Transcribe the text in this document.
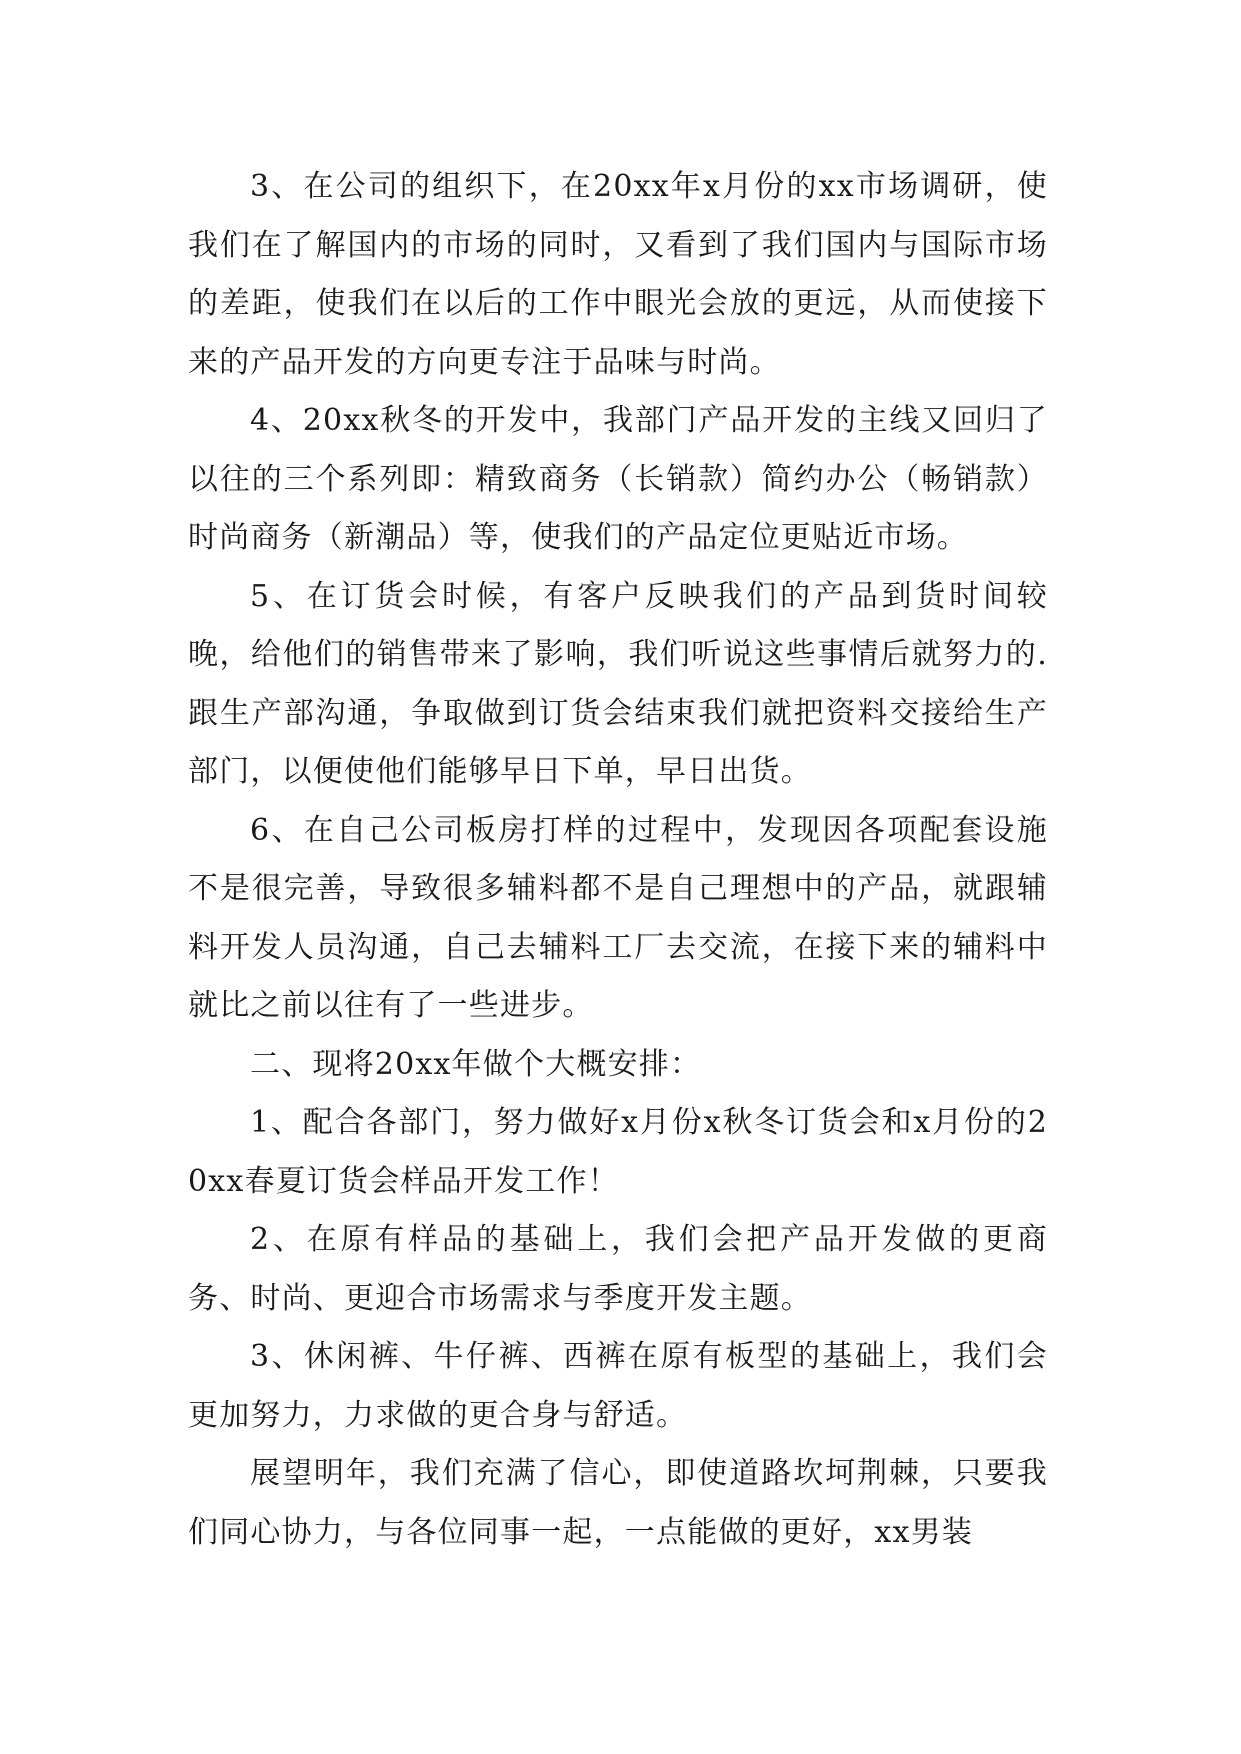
3、在公司的组织下，在20xx年x月份的xx市场调研，使我们在了解国内的市场的同时，又看到了我们国内与国际市场的差距，使我们在以后的工作中眼光会放的更远，从而使接下来的产品开发的方向更专注于品味与时尚。

4、20xx秋冬的开发中，我部门产品开发的主线又回归了以往的三个系列即：精致商务（长销款）简约办公（畅销款）时尚商务（新潮品）等，使我们的产品定位更贴近市场。

5、在订货会时候，有客户反映我们的产品到货时间较晚，给他们的销售带来了影响，我们听说这些事情后就努力的.跟生产部沟通，争取做到订货会结束我们就把资料交接给生产部门，以便使他们能够早日下单，早日出货。

6、在自己公司板房打样的过程中，发现因各项配套设施不是很完善，导致很多辅料都不是自己理想中的产品，就跟辅料开发人员沟通，自己去辅料工厂去交流，在接下来的辅料中就比之前以往有了一些进步。

二、现将20xx年做个大概安排：

1、配合各部门，努力做好x月份x秋冬订货会和x月份的20xx春夏订货会样品开发工作！

2、在原有样品的基础上，我们会把产品开发做的更商务、时尚、更迎合市场需求与季度开发主题。

3、休闲裤、牛仔裤、西裤在原有板型的基础上，我们会更加努力，力求做的更合身与舒适。

展望明年，我们充满了信心，即使道路坎坷荆棘，只要我们同心协力，与各位同事一起，一点能做的更好，xx男装
